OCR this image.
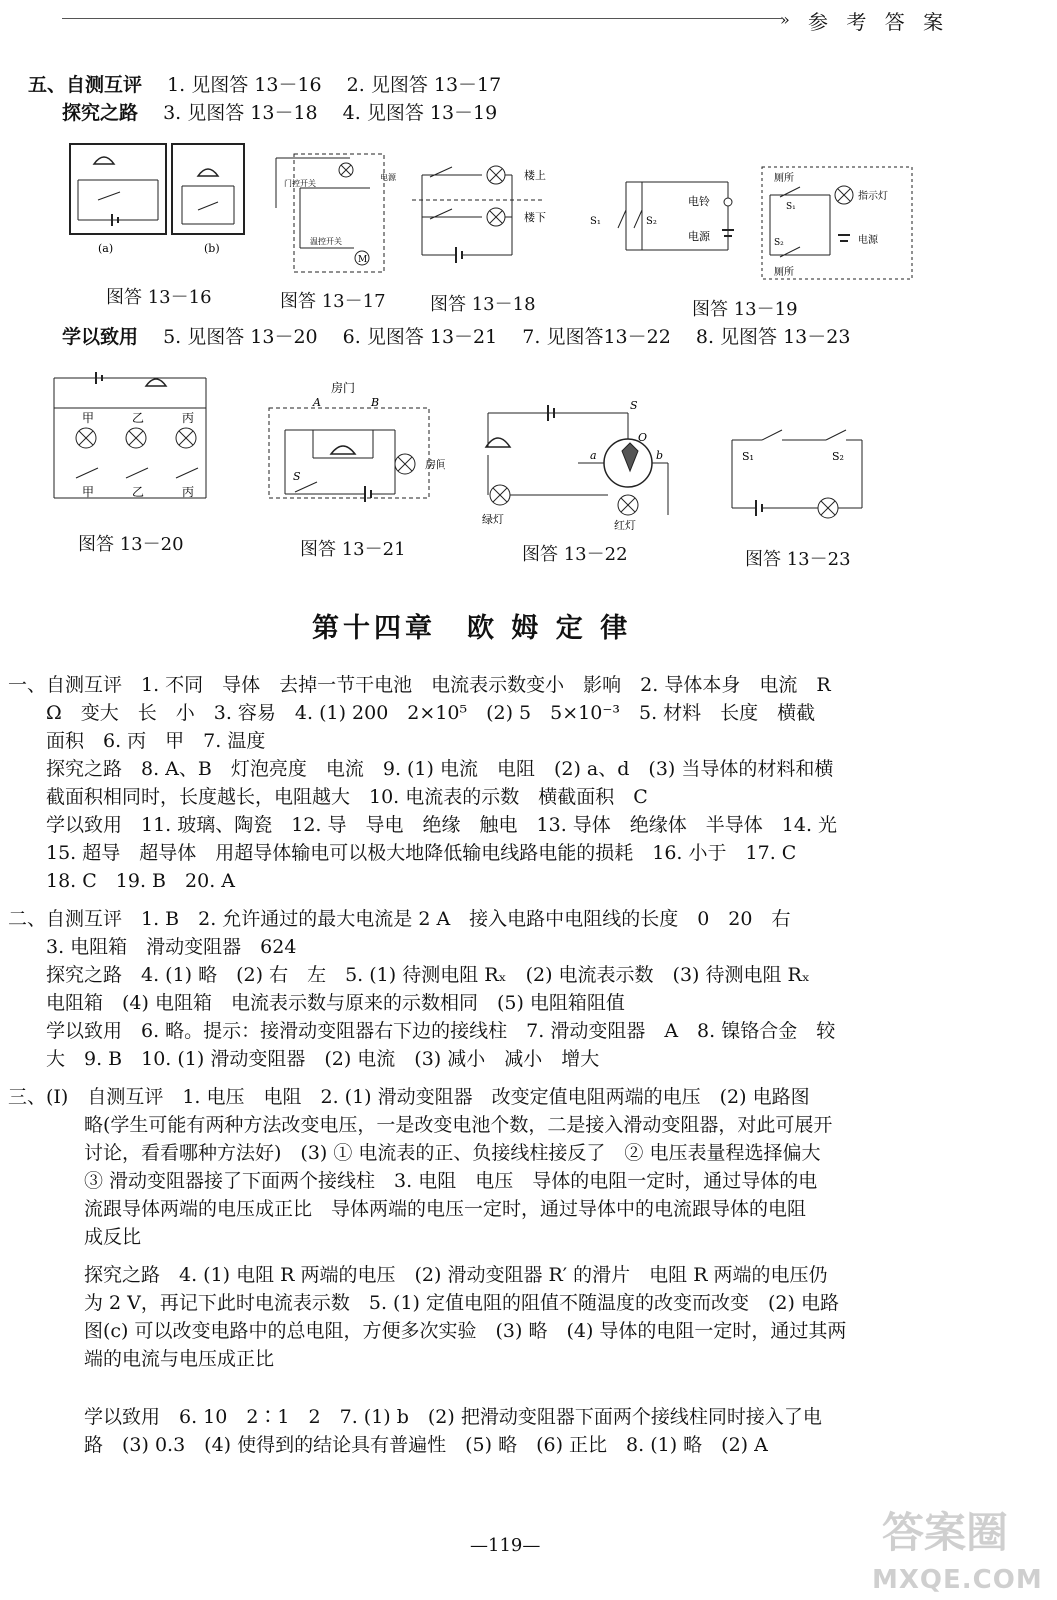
» 参 考 答 案
五、自测互评　 1. 见图答 13－16　 2. 见图答 13－17
探究之路　 3. 见图答 13－18　 4. 见图答 13－19
(a)	(b)
图答 13－16
M
门控开关
温控开关
电源
图答 13－17
楼上
楼下
图答 13－18
电铃
电源
S₁	S₂
厕所
厕所
指示灯
电源
S₁
S₂
图答 13－19
学以致用　 5. 见图答 13－20　 6. 见图答 13－21　 7. 见图答13－22　 8. 见图答 13－23
甲	乙	丙
甲	乙	丙
图答 13－20
房门
A	B
S
房间
图答 13－21
S
O
a	b
绿灯	红灯
图答 13－22
S₁	S₂
图答 13－23
第十四章　欧 姆 定 律
一、自测互评　1. 不同　导体　去掉一节干电池　电流表示数变小　影响　2. 导体本身　电流　R
　　Ω　变大　长　小　3. 容易　4. (1) 200　2×10⁵　(2) 5　5×10⁻³　5. 材料　长度　横截
　　面积　6. 丙　甲　7. 温度
　　探究之路　8. A、B　灯泡亮度　电流　9. (1) 电流　电阻　(2) a、d　(3) 当导体的材料和横
　　截面积相同时，长度越长，电阻越大　10. 电流表的示数　横截面积　C
　　学以致用　11. 玻璃、陶瓷　12. 导　导电　绝缘　触电　13. 导体　绝缘体　半导体　14. 光
　　15. 超导　超导体　用超导体输电可以极大地降低输电线路电能的损耗　16. 小于　17. C
　　18. C　19. B　20. A
二、自测互评　1. B　2. 允许通过的最大电流是 2 A　接入电路中电阻线的长度　0　20　右
　　3. 电阻箱　滑动变阻器　624
　　探究之路　4. (1) 略　(2) 右　左　5. (1) 待测电阻 Rₓ　(2) 电流表示数　(3) 待测电阻 Rₓ
　　电阻箱　(4) 电阻箱　电流表示数与原来的示数相同　(5) 电阻箱阻值
　　学以致用　6. 略。提示：接滑动变阻器右下边的接线柱　7. 滑动变阻器　A　8. 镍铬合金　较
　　大　9. B　10. (1) 滑动变阻器　(2) 电流　(3) 减小　减小　增大
三、(Ⅰ)　自测互评　1. 电压　电阻　2. (1) 滑动变阻器　改变定值电阻两端的电压　(2) 电路图
　　　　略(学生可能有两种方法改变电压，一是改变电池个数，二是接入滑动变阻器，对此可展开
　　　　讨论，看看哪种方法好)　(3) ① 电流表的正、负接线柱接反了　② 电压表量程选择偏大
　　　　③ 滑动变阻器接了下面两个接线柱　3. 电阻　电压　导体的电阻一定时，通过导体的电
　　　　流跟导体两端的电压成正比　导体两端的电压一定时，通过导体中的电流跟导体的电阻
　　　　成反比
　　　　探究之路　4. (1) 电阻 R 两端的电压　(2) 滑动变阻器 R′ 的滑片　电阻 R 两端的电压仍
　　　　为 2 V，再记下此时电流表示数　5. (1) 定值电阻的阻值不随温度的改变而改变　(2) 电路
　　　　图(c) 可以改变电路中的总电阻，方便多次实验　(3) 略　(4) 导体的电阻一定时，通过其两
　　　　端的电流与电压成正比
　　　　学以致用　6. 10　2∶1　2　7. (1) b　(2) 把滑动变阻器下面两个接线柱同时接入了电
　　　　路　(3) 0.3　(4) 使得到的结论具有普遍性　(5) 略　(6) 正比　8. (1) 略　(2) A
—119—	答案圈
MXQE.COM
